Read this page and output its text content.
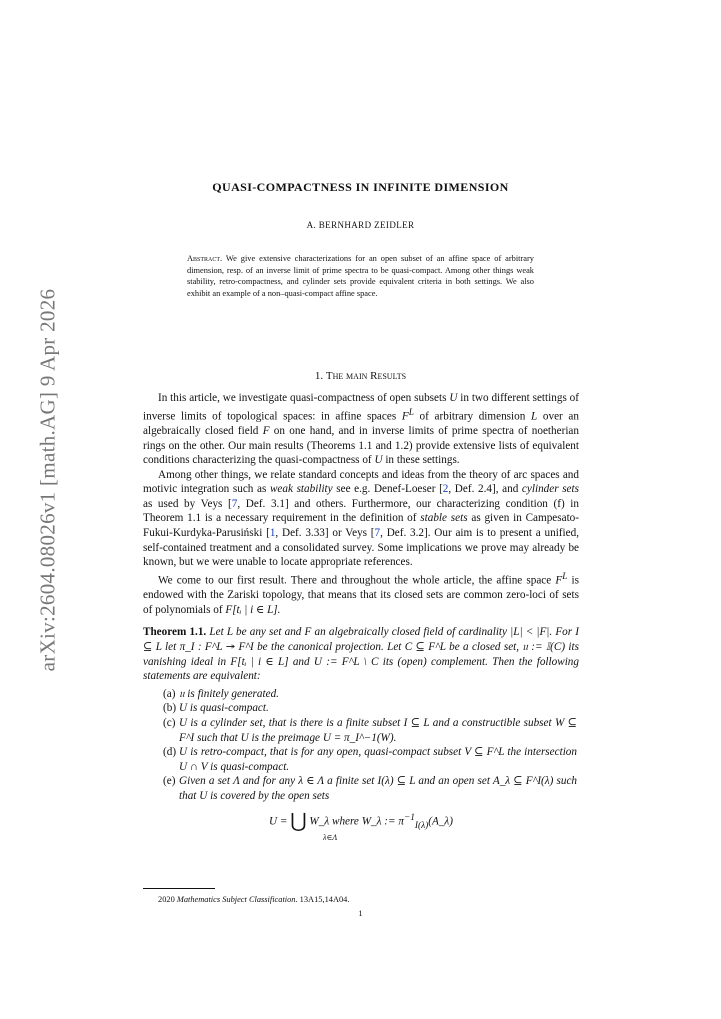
arXiv:2604.08026v1 [math.AG] 9 Apr 2026
QUASI-COMPACTNESS IN INFINITE DIMENSION
A. BERNHARD ZEIDLER

Abstract. We give extensive characterizations for an open subset of an affine space of arbitrary dimension, resp. of an inverse limit of prime spectra to be quasi-compact. Among other things weak stability, retro-compactness, and cylinder sets provide equivalent criteria in both settings. We also exhibit an example of a non–quasi-compact affine space.

1. The main Results

In this article, we investigate quasi-compactness of open subsets U in two different settings of inverse limits of topological spaces: in affine spaces $F^L$ of arbitrary dimension L over an algebraically closed field F on one hand, and in inverse limits of prime spectra of noetherian rings on the other. Our main results (Theorems 1.1 and 1.2) provide extensive lists of equivalent conditions characterizing the quasi-compactness of U in these settings.

Among other things, we relate standard concepts and ideas from the theory of arc spaces and motivic integration such as weak stability see e.g. Denef-Loeser [2, Def. 2.4], and cylinder sets as used by Veys [7, Def. 3.1] and others. Furthermore, our characterizing condition (f) in Theorem 1.1 is a necessary requirement in the definition of stable sets as given in Campesato-Fukui-Kurdyka-Parusiński [1, Def. 3.33] or Veys [7, Def. 3.2]. Our aim is to present a unified, self-contained treatment and a consolidated survey. Some implications we prove may already be known, but we were unable to locate appropriate references.

We come to our first result. There and throughout the whole article, the affine space $F^L$ is endowed with the Zariski topology, that means that its closed sets are common zero-loci of sets of polynomials of F[tᵢ | i ∈ L].

Theorem 1.1. Let L be any set and F an algebraically closed field of cardinality |L| < |F|. For I ⊆ L let π_I : F^L ↠ F^I be the canonical projection. Let C ⊆ F^L be a closed set, 𝔲 := 𝕀(C) its vanishing ideal in F[tᵢ | i ∈ L] and U := F^L \ C its (open) complement. Then the following statements are equivalent:
(a) 𝔲 is finitely generated.
(b) U is quasi-compact.
(c) U is a cylinder set, that is there is a finite subset I ⊆ L and a constructible subset W ⊆ F^I such that U is the preimage U = π_I^−1(W).
(d) U is retro-compact, that is for any open, quasi-compact subset V ⊆ F^L the intersection U ∩ V is quasi-compact.
(e) Given a set Λ and for any λ ∈ Λ a finite set I(λ) ⊆ L and an open set A_λ ⊆ F^I(λ) such that U is covered by the open sets
U = ⋃ W_λ where W_λ := $\pi^{-1}_{I(\lambda)}(A\_\lambda)$
λ∈Λ
2020 Mathematics Subject Classification. 13A15,14A04.
1
